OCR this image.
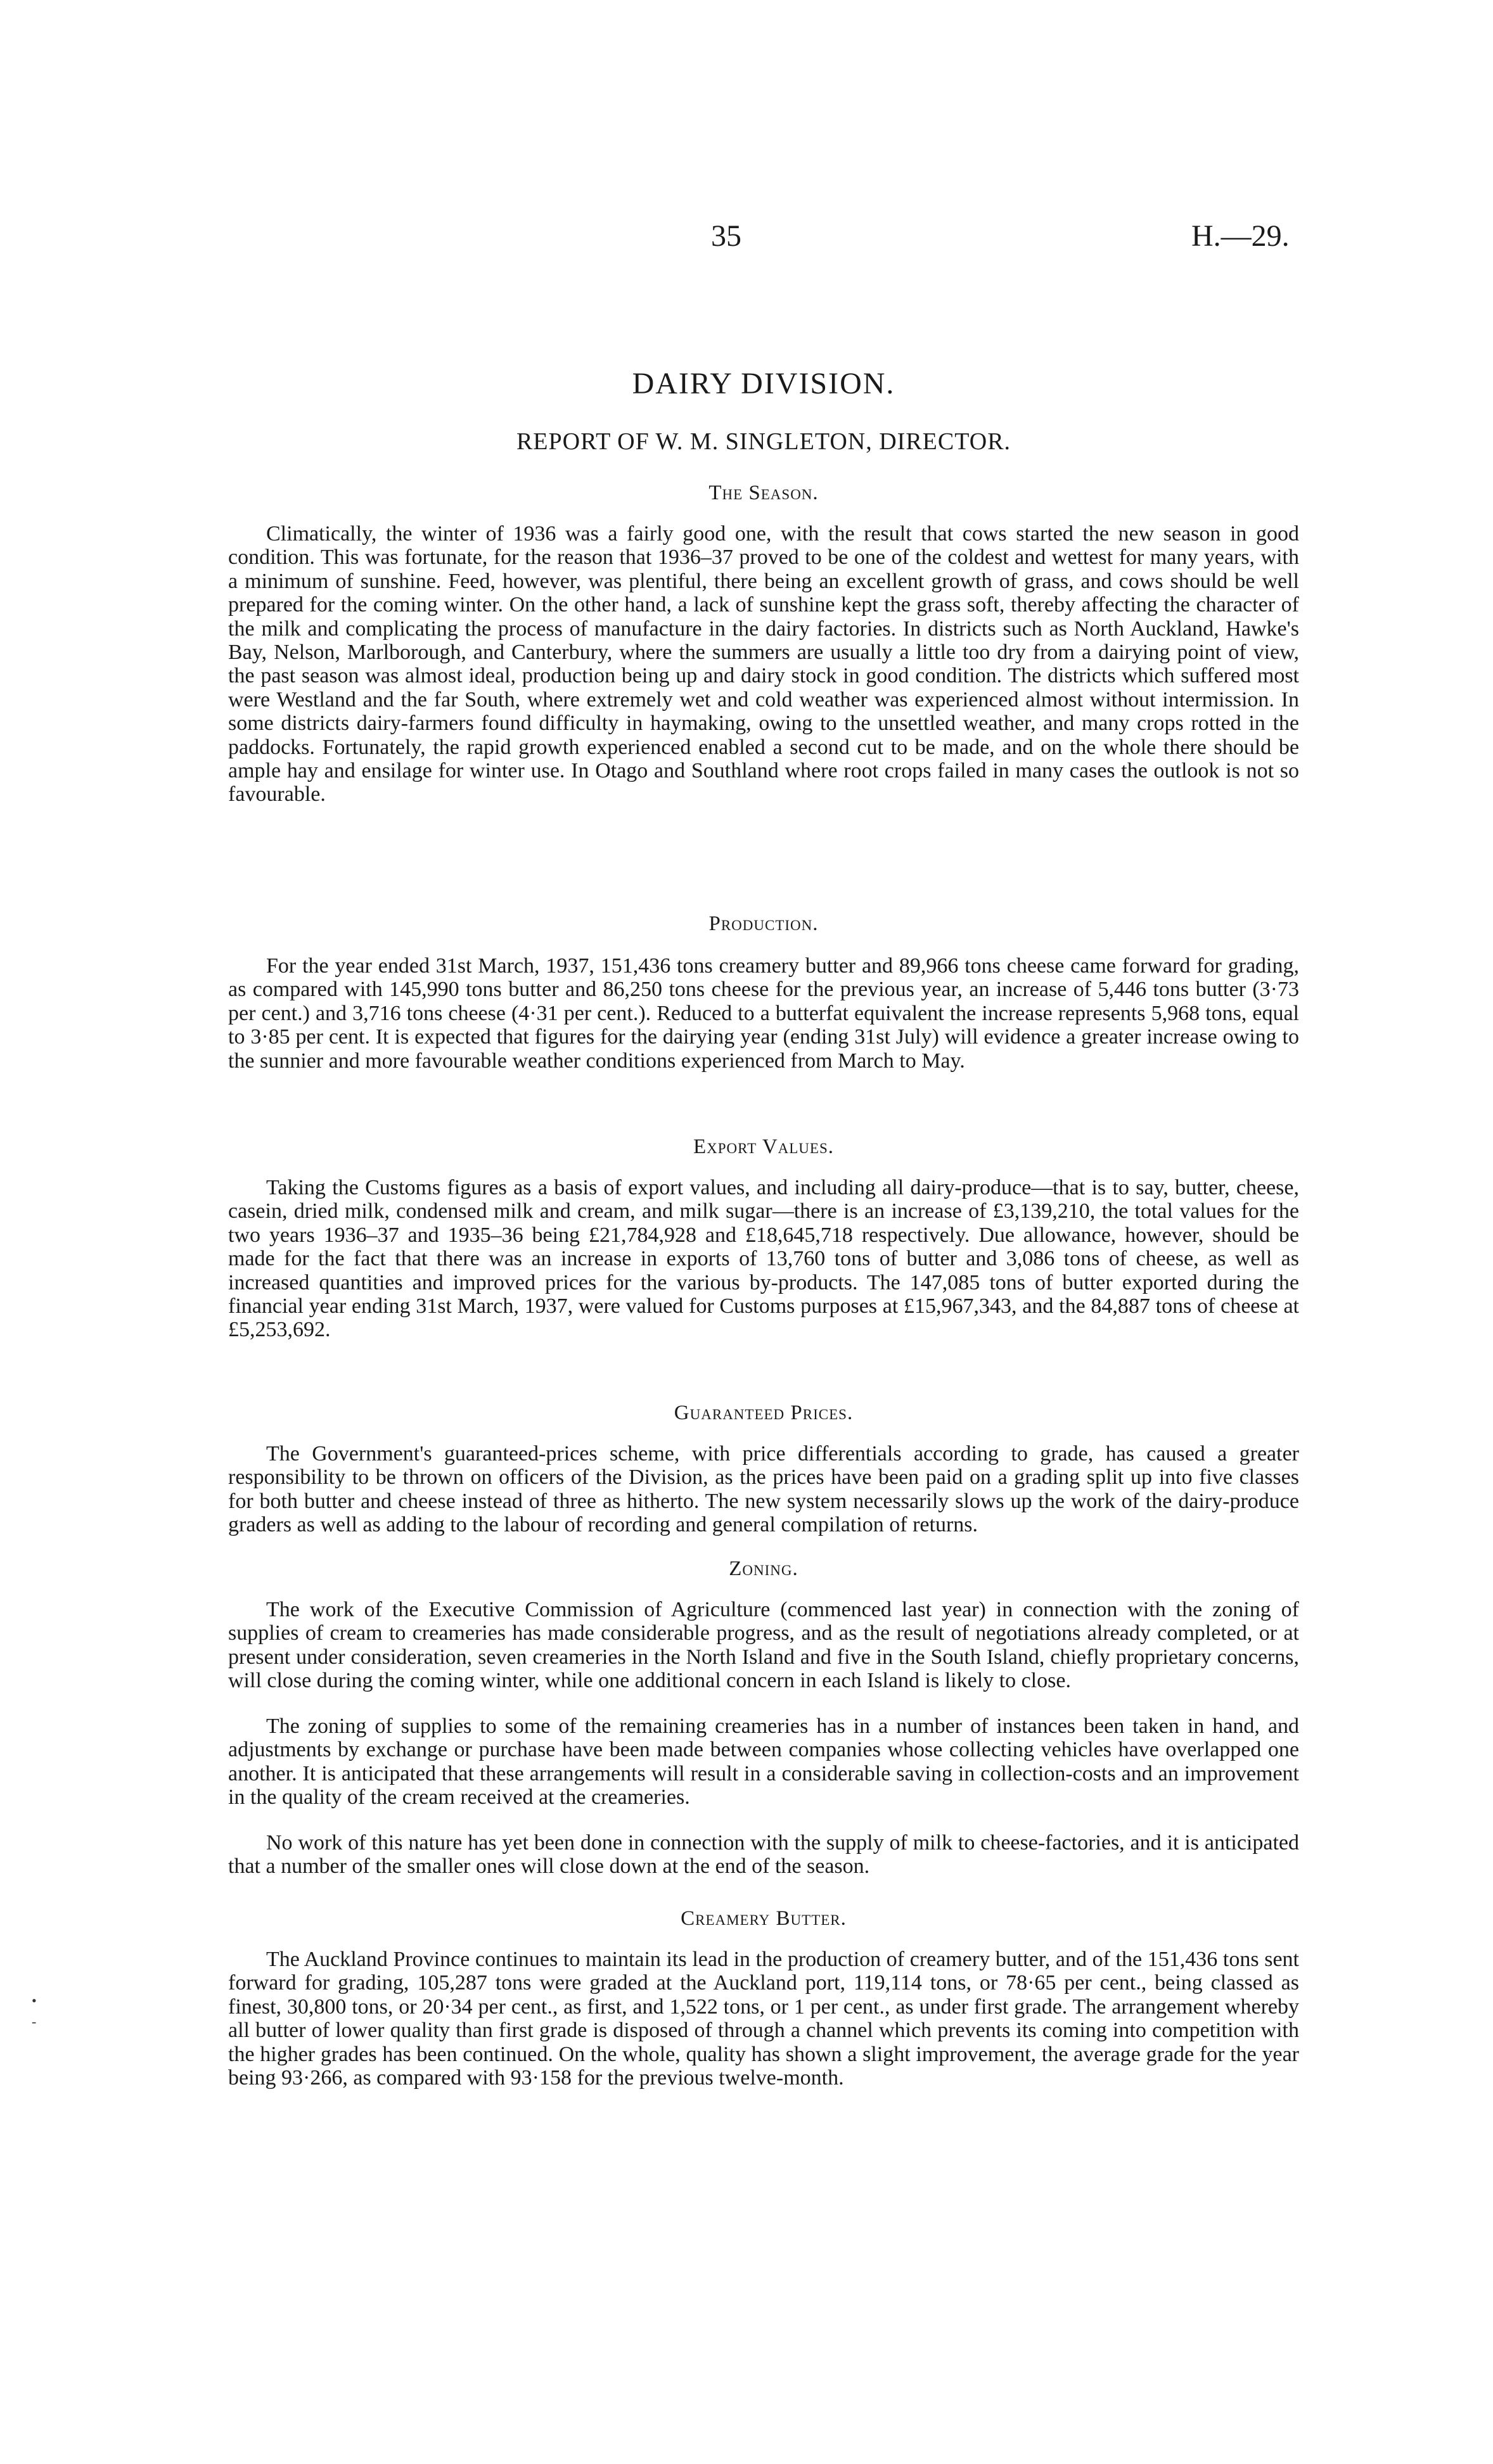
35	H.—29.
DAIRY DIVISION.
REPORT OF W. M. SINGLETON, DIRECTOR.
The Season.

Climatically, the winter of 1936 was a fairly good one, with the result that cows started the new season in good condition. This was fortunate, for the reason that 1936–37 proved to be one of the coldest and wettest for many years, with a minimum of sunshine. Feed, however, was plentiful, there being an excellent growth of grass, and cows should be well prepared for the coming winter. On the other hand, a lack of sunshine kept the grass soft, thereby affecting the character of the milk and complicating the process of manufacture in the dairy factories. In districts such as North Auckland, Hawke's Bay, Nelson, Marlborough, and Canterbury, where the summers are usually a little too dry from a dairying point of view, the past season was almost ideal, production being up and dairy stock in good condition. The districts which suffered most were Westland and the far South, where extremely wet and cold weather was experienced almost without intermission. In some districts dairy-farmers found difficulty in haymaking, owing to the unsettled weather, and many crops rotted in the paddocks. Fortunately, the rapid growth experienced enabled a second cut to be made, and on the whole there should be ample hay and ensilage for winter use. In Otago and Southland where root crops failed in many cases the outlook is not so favourable.

Production.

For the year ended 31st March, 1937, 151,436 tons creamery butter and 89,966 tons cheese came forward for grading, as compared with 145,990 tons butter and 86,250 tons cheese for the previous year, an increase of 5,446 tons butter (3·73 per cent.) and 3,716 tons cheese (4·31 per cent.). Reduced to a butterfat equivalent the increase represents 5,968 tons, equal to 3·85 per cent. It is expected that figures for the dairying year (ending 31st July) will evidence a greater increase owing to the sunnier and more favourable weather conditions experienced from March to May.

Export Values.

Taking the Customs figures as a basis of export values, and including all dairy-produce—that is to say, butter, cheese, casein, dried milk, condensed milk and cream, and milk sugar—there is an increase of £3,139,210, the total values for the two years 1936–37 and 1935–36 being £21,784,928 and £18,645,718 respectively. Due allowance, however, should be made for the fact that there was an increase in exports of 13,760 tons of butter and 3,086 tons of cheese, as well as increased quantities and improved prices for the various by-products. The 147,085 tons of butter exported during the financial year ending 31st March, 1937, were valued for Customs purposes at £15,967,343, and the 84,887 tons of cheese at £5,253,692.

Guaranteed Prices.

The Government's guaranteed-prices scheme, with price differentials according to grade, has caused a greater responsibility to be thrown on officers of the Division, as the prices have been paid on a grading split up into five classes for both butter and cheese instead of three as hitherto. The new system necessarily slows up the work of the dairy-produce graders as well as adding to the labour of recording and general compilation of returns.

Zoning.

The work of the Executive Commission of Agriculture (commenced last year) in connection with the zoning of supplies of cream to creameries has made considerable progress, and as the result of negotiations already completed, or at present under consideration, seven creameries in the North Island and five in the South Island, chiefly proprietary concerns, will close during the coming winter, while one additional concern in each Island is likely to close.

The zoning of supplies to some of the remaining creameries has in a number of instances been taken in hand, and adjustments by exchange or purchase have been made between companies whose collecting vehicles have overlapped one another. It is anticipated that these arrangements will result in a considerable saving in collection-costs and an improvement in the quality of the cream received at the creameries.

No work of this nature has yet been done in connection with the supply of milk to cheese-factories, and it is anticipated that a number of the smaller ones will close down at the end of the season.

Creamery Butter.

The Auckland Province continues to maintain its lead in the production of creamery butter, and of the 151,436 tons sent forward for grading, 105,287 tons were graded at the Auckland port, 119,114 tons, or 78·65 per cent., being classed as finest, 30,800 tons, or 20·34 per cent., as first, and 1,522 tons, or 1 per cent., as under first grade. The arrangement whereby all butter of lower quality than first grade is disposed of through a channel which prevents its coming into competition with the higher grades has been continued. On the whole, quality has shown a slight improvement, the average grade for the year being 93·266, as compared with 93·158 for the previous twelve-month.

•
-
